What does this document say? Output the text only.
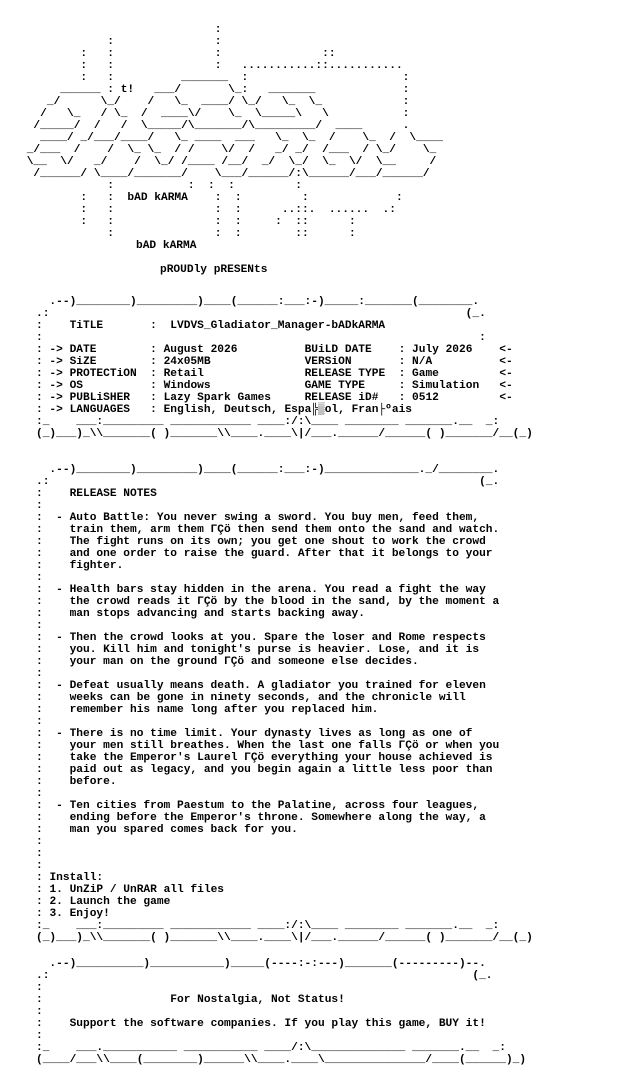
:
:               :
:   :               :               ::
:   :               :   ...........::...........
:   :          _______  :                       :
______ : t!   ___/       \_:   _______             :
_/      \_/    /   \_  ____/ \_/   \_  \_            :
/   \_   / \_  /  ____\/    \_  \_____\   \           :
/_____/  /   /  \_____/\_______/\_________/  ____      .
____/ _/___/____/   \_ ____  ___   \_  \_  /    \_  /  \____
_/___  /    /  \_ \_  / /    \/  /   _/ _/  /___  / \_/    \_
\__  \/   _/    /  \_/ /____ /__/  _/  \_/  \_  \/  \__     /
/______/ \____/_______/    \___/______/:\______/___/______/
:           :  :  :         :
:   :  bAD kARMA    :  :         :             :
:   :               :  :      ..::.  ......  .:
:   :               :  :     :  ::      :
:               :  :        ::      :
bAD kARMA
pROUDly pRESENts
.--)________)_________)____(______:___:-)_____:_______(________.
.:                                                              (_.
:    TiTLE       :  LVDVS_Gladiator_Manager-bADkARMA
:                                                                 :
: -> DATE        : August 2026	BUiLD DATE    : July 2026    <-
: -> SiZE        : 24x05MB	VERSiON       : N/A	<-
: -> PROTECTiON  : Retail	RELEASE TYPE  : Game	<-
: -> OS          : Windows	GAME TYPE     : Simulation   <-
: -> PUBLiSHER   : Lazy Spark Games	RELEASE iD#   : 0512	<-
: -> LANGUAGES   : English, Deutsch, Espa╠▒ol, Fran├ºais
:_    ___:_________ ____________ ____:/:\____ ________ _______.__  _:
(_)___)_\\_______( )_______\\____.____\|/___.______/______( )_______/__(_)
.--)________)_________)____(______:___:-)______________._/________.
.:                                                                (_.
:    RELEASE NOTES
:
:  - Auto Battle: You never swing a sword. You buy men, feed them,
:    train them, arm them ΓÇö then send them onto the sand and watch.
:    The fight runs on its own; you get one shout to work the crowd
:    and one order to raise the guard. After that it belongs to your
:    fighter.
:
:  - Health bars stay hidden in the arena. You read a fight the way
:    the crowd reads it ΓÇö by the blood in the sand, by the moment a
:    man stops advancing and starts backing away.
:
:  - Then the crowd looks at you. Spare the loser and Rome respects
:    you. Kill him and tonight's purse is heavier. Lose, and it is
:    your man on the ground ΓÇö and someone else decides.
:
:  - Defeat usually means death. A gladiator you trained for eleven
:    weeks can be gone in ninety seconds, and the chronicle will
:    remember his name long after you replaced him.
:
:  - There is no time limit. Your dynasty lives as long as one of
:    your men still breathes. When the last one falls ΓÇö or when you
:    take the Emperor's Laurel ΓÇö everything your house achieved is
:    paid out as legacy, and you begin again a little less poor than
:    before.
:
:  - Ten cities from Paestum to the Palatine, across four leagues,
:    ending before the Emperor's throne. Somewhere along the way, a
:    man you spared comes back for you.
:
:
:
: Install:
: 1. UnZiP / UnRAR all files
: 2. Launch the game
: 3. Enjoy!
:_    ___:_________ ____________ ____:/:\____ ________ _______.__  _:
(_)___)_\\_______( )_______\\____.____\|/___.______/______( )_______/__(_)
.--)__________)___________)_____(----:-:---)_______(---------)--.
.:                                                               (_.
:
:	For Nostalgia, Not Status!
:
:    Support the software companies. If you play this game, BUY it!
:
:_    ___.___________ ___________ ____/:\______________ _______.__  _:
(____/___\\____(________)______\\____.____\_______________/____(______)_)
